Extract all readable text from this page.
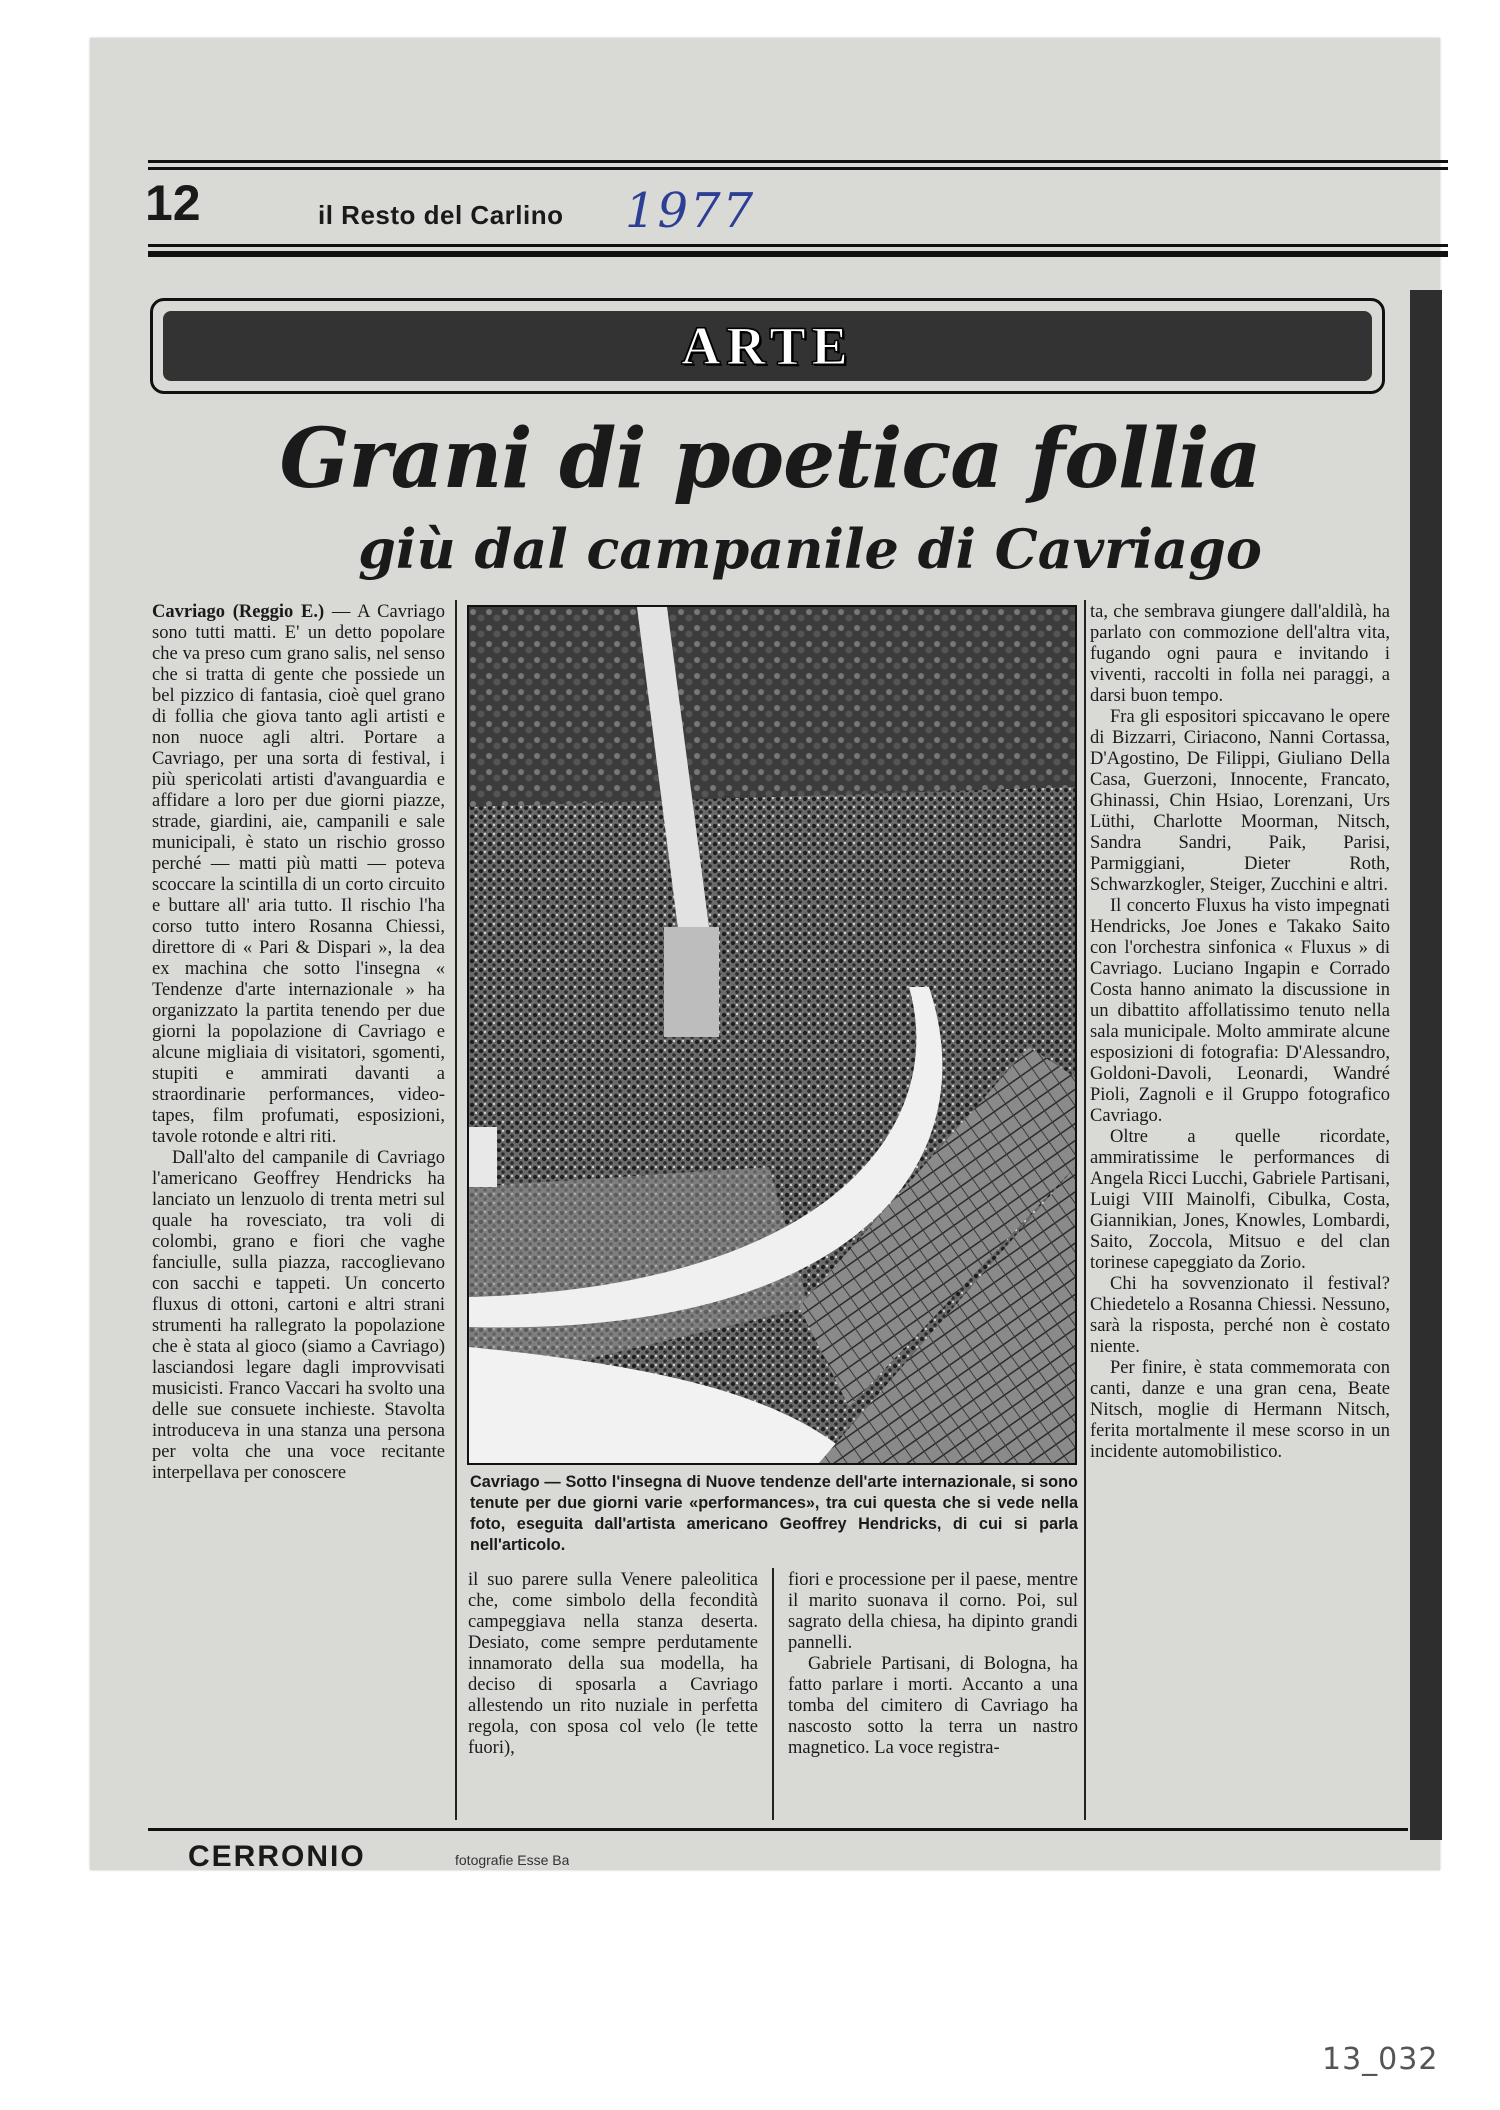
12	il Resto del Carlino 1977
ARTE
Grani di poetica follia
giù dal campanile di Cavriago

Cavriago (Reggio E.) — A Cavriago sono tutti matti. E' un detto popolare che va preso cum grano salis, nel senso che si tratta di gente che possiede un bel pizzico di fantasia, cioè quel grano di follia che giova tanto agli artisti e non nuoce agli altri. Portare a Cavriago, per una sorta di festival, i più spericolati artisti d'avanguardia e affidare a loro per due giorni piazze, strade, giardini, aie, campanili e sale municipali, è stato un rischio grosso perché — matti più matti — poteva scoccare la scintilla di un corto circuito e buttare all' aria tutto. Il rischio l'ha corso tutto intero Rosanna Chiessi, direttore di « Pari & Dispari », la dea ex machina che sotto l'insegna « Tendenze d'arte internazionale » ha organizzato la partita tenendo per due giorni la popolazione di Cavriago e alcune migliaia di visitatori, sgomenti, stupiti e ammirati davanti a straordinarie performances, video-tapes, film profumati, esposizioni, tavole rotonde e altri riti.

Dall'alto del campanile di Cavriago l'americano Geoffrey Hendricks ha lanciato un lenzuolo di trenta metri sul quale ha rovesciato, tra voli di colombi, grano e fiori che vaghe fanciulle, sulla piazza, raccoglievano con sacchi e tappeti. Un concerto fluxus di ottoni, cartoni e altri strani strumenti ha rallegrato la popolazione che è stata al gioco (siamo a Cavriago) lasciandosi legare dagli improvvisati musicisti. Franco Vaccari ha svolto una delle sue consuete inchieste. Stavolta introduceva in una stanza una persona per volta che una voce recitante interpellava per conoscere	Cavriago — Sotto l'insegna di Nuove tendenze dell'arte internazionale, si sono tenute per due giorni varie «performances», tra cui questa che si vede nella foto, eseguita dall'artista americano Geoffrey Hendricks, di cui si parla nell'articolo.

il suo parere sulla Venere paleolitica che, come simbolo della fecondità campeggiava nella stanza deserta. Desiato, come sempre perdutamente innamorato della sua modella, ha deciso di sposarla a Cavriago allestendo un rito nuziale in perfetta regola, con sposa col velo (le tette fuori),

fiori e processione per il paese, mentre il marito suonava il corno. Poi, sul sagrato della chiesa, ha dipinto grandi pannelli.

Gabriele Partisani, di Bologna, ha fatto parlare i morti. Accanto a una tomba del cimitero di Cavriago ha nascosto sotto la terra un nastro magnetico. La voce registra-

ta, che sembrava giungere dall'aldilà, ha parlato con commozione dell'altra vita, fugando ogni paura e invitando i viventi, raccolti in folla nei paraggi, a darsi buon tempo.

Fra gli espositori spiccavano le opere di Bizzarri, Ciriacono, Nanni Cortassa, D'Agostino, De Filippi, Giuliano Della Casa, Guerzoni, Innocente, Francato, Ghinassi, Chin Hsiao, Lorenzani, Urs Lüthi, Charlotte Moorman, Nitsch, Sandra Sandri, Paik, Parisi, Parmiggiani, Dieter Roth, Schwarzkogler, Steiger, Zucchini e altri.

Il concerto Fluxus ha visto impegnati Hendricks, Joe Jones e Takako Saito con l'orchestra sinfonica « Fluxus » di Cavriago. Luciano Ingapin e Corrado Costa hanno animato la discussione in un dibattito affollatissimo tenuto nella sala municipale. Molto ammirate alcune esposizioni di fotografia: D'Alessandro, Goldoni-Davoli, Leonardi, Wandré Pioli, Zagnoli e il Gruppo fotografico Cavriago.

Oltre a quelle ricordate, ammiratissime le performances di Angela Ricci Lucchi, Gabriele Partisani, Luigi VIII Mainolfi, Cibulka, Costa, Giannikian, Jones, Knowles, Lombardi, Saito, Zoccola, Mitsuo e del clan torinese capeggiato da Zorio.

Chi ha sovvenzionato il festival? Chiedetelo a Rosanna Chiessi. Nessuno, sarà la risposta, perché non è costato niente.

Per finire, è stata commemorata con canti, danze e una gran cena, Beate Nitsch, moglie di Hermann Nitsch, ferita mortalmente il mese scorso in un incidente automobilistico.

CERRONIO	fotografie Esse Ba
13_032
